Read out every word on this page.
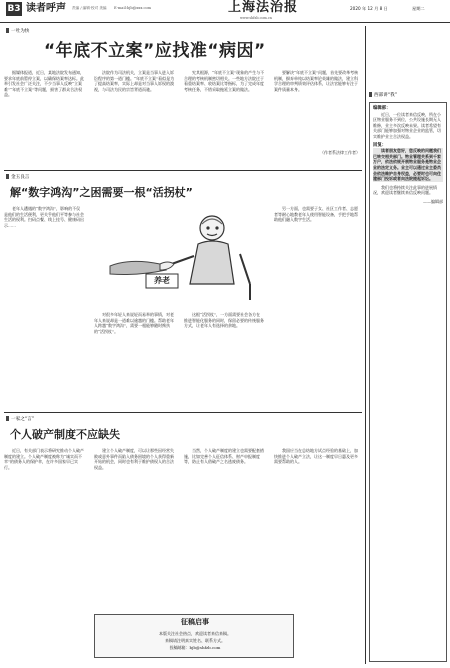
B3 读者呼声 责编 / 编辑·校对 美编 E-mail:bjb@xxx.com	上海法治报
www.shfzb.com.cn
2020 年 12 月 8 日	星期二
一吐为快
“年底不立案”应找准“病因”

据媒体报道，近日，某地法院发布通知，要求年底前暂停立案，以确保结案率达标。此举引发社会广泛关注，不少当事人反映“立案难”“年底不立案”等问题，损害了群众合法权益。

法院作为司法机关，立案是当事人进入诉讼程序的第一道门槛。“年底不立案”看似是为了提高结案率，实际上却是对当事人诉权的漠视，与司法为民的宗旨背道而驰。

究其根源，“年底不立案”现象的产生与不合理的考核机制密切相关。一些地方法院过于看重结案率、收结案比等指标，为了完成年度考核任务，不惜采取拖延立案的做法。

要解决“年底不立案”问题，首先要改革考核机制，摒弃单纯以结案率论英雄的做法，建立科学合理的审判绩效评估体系，让法官能够专注于案件质量本身。

（作者系法律工作者）

金玉良言
解“数字鸿沟”之困需要一根“活拐杖”
养老

老年人遭遇的“数字鸿沟”，影响的不仅是他们的生活便利，更关乎他们平等参与社会生活的权利。扫码点餐、线上挂号、健康码出示……

对很多年轻人来说轻而易举的事情，对老年人来说却是一道难以逾越的门槛。帮助老年人跨越“数字鸿沟”，需要一根能够随时搀扶的“活拐杖”。

这根“活拐杖”，一方面需要社会各方在推进智能化服务的同时，保留必要的传统服务方式，让老年人有选择的余地。

另一方面，也需要子女、社区工作者、志愿者等耐心地教老年人使用智能设备，手把手地帮助他们融入数字生活。

一家之“言”
个人破产制度不应缺失

近日，有关部门表示将研究推动个人破产制度的建立。个人破产制度被称为“诚实而不幸”的债务人的保护伞，在许多国家早已实行。

建立个人破产制度，可以让那些因经营失败或意外事件而陷入债务困境的个人获得重新开始的机会，同时也有利于维护债权人的合法权益。

当然，个人破产制度的建立也需要配套措施，比如完善个人征信体系、财产申报制度等，防止有人借破产之名逃废债务。

我国应当在总结地方试点经验的基础上，加快推进个人破产立法，让这一制度早日惠及更多需要帮助的人。

征稿启事
本版关注社会热点，欢迎读者来信来稿。
来稿请注明真实姓名、联系方式。
投稿邮箱：bjb@shfzb.com
西部讲“我”
编辑部：

近日，一位读者来信反映，所在小区物业服务不到位，公共设施长期无人维修，业主多次反映未果。读者希望有关部门能够加强对物业企业的监管，切实维护业主合法权益。

回复：

读者朋友您好，您反映的问题我们已转交相关部门。物业管理关系到千家万户，依法依规开展物业服务是物业企业的法定义务。业主可以通过业主委员会依法维护自身权益，必要时也可向住建部门投诉或者向法院提起诉讼。

我们也将持续关注此事的进展情况，欢迎读者继续来信反映问题。

——编辑部
